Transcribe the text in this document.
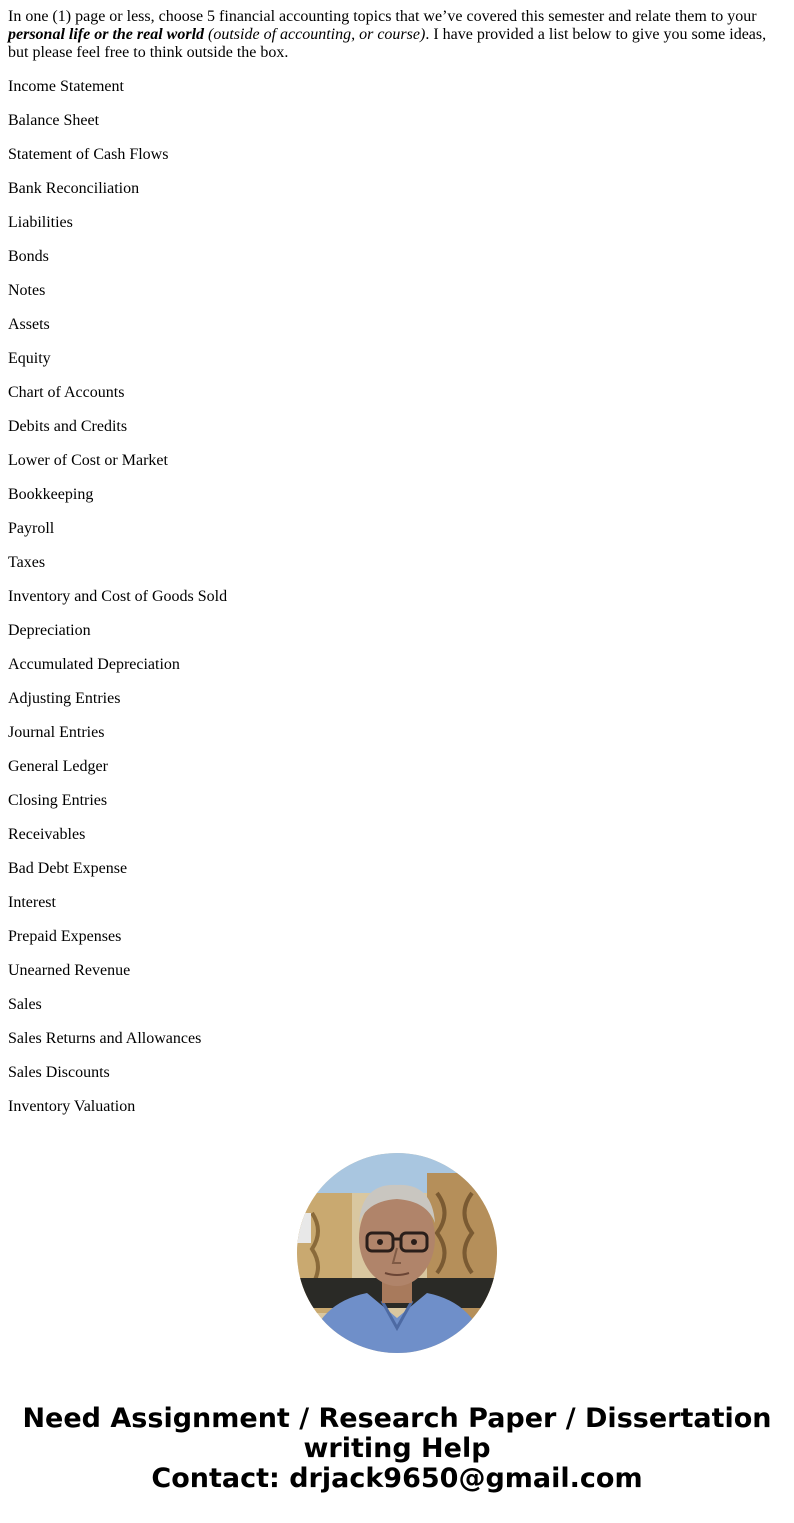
In one (1) page or less, choose 5 financial accounting topics that we’ve covered this semester and relate them to your personal life or the real world (outside of accounting, or course). I have provided a list below to give you some ideas, but please feel free to think outside the box.

Income Statement

Balance Sheet

Statement of Cash Flows

Bank Reconciliation

Liabilities

Bonds

Notes

Assets

Equity

Chart of Accounts

Debits and Credits

Lower of Cost or Market

Bookkeeping

Payroll

Taxes

Inventory and Cost of Goods Sold

Depreciation

Accumulated Depreciation

Adjusting Entries

Journal Entries

General Ledger

Closing Entries

Receivables

Bad Debt Expense

Interest

Prepaid Expenses

Unearned Revenue

Sales

Sales Returns and Allowances

Sales Discounts

Inventory Valuation

Need Assignment / Research Paper / Dissertation
writing Help
Contact: drjack9650@gmail.com
